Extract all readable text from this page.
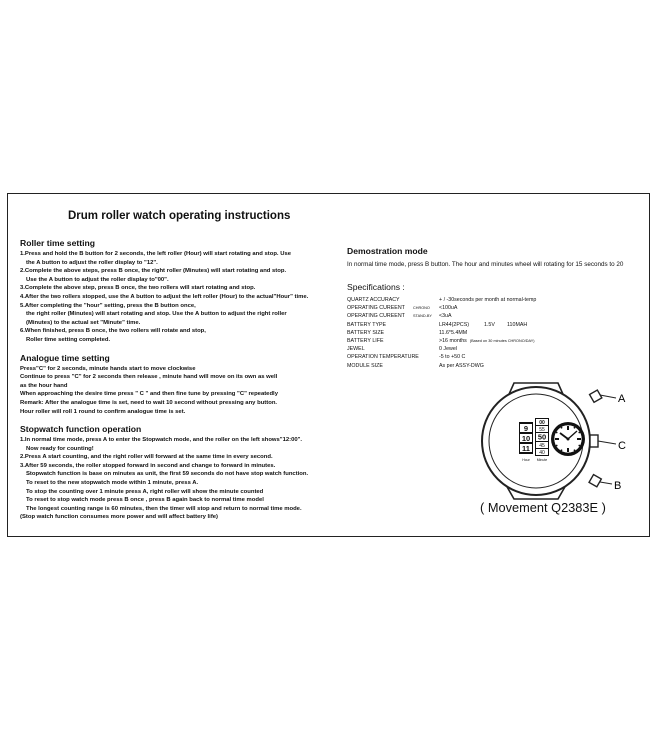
Drum roller watch operating instructions
Roller time setting

1.Press and hold the B button for 2 seconds, the left roller (Hour) will start rotating and stop. Use

the A button to adjust the roller display to "12".

2.Complete the above steps, press B once, the right roller (Minutes) will start rotating and stop.

Use the A button to adjust the roller display to"00".

3.Complete the above step, press B once, the two rollers will start rotating and stop.

4.After the two rollers stopped, use the A button to adjust the left roller (Hour) to the actual"Hour" time.

5.After completing the "hour" setting, press the B button once,

the right roller (Minutes) will start rotating and stop. Use the A button to adjust the right roller

(Minutes) to the actual set "Minute" time.

6.When finished, press B once, the two rollers will rotate and stop,

Roller time setting completed.

Analogue time setting

Press"C" for 2 seconds, minute hands start to move clockwise

Continue to press "C" for 2 seconds then release , minute hand will move on its own as well

as the hour hand

When approaching the desire time press " C " and then fine tune by pressing "C" repeatedly

Remark: After the analogue time is set, need to wait 10 second without pressing any button.

Hour roller will roll 1 round to confirm analogue time is set.

Stopwatch function operation

1.In normal time mode, press A to enter the Stopwatch mode, and the roller on the left shows"12:00".

Now ready for counting!

2.Press A start counting, and the right roller will forward at the same time in every second.

3.After 59 seconds, the roller stopped forward in second and change to forward in minutes.

Stopwatch function is base on minutes as unit, the first 59 seconds do not have stop watch function.

To reset to the new stopwatch mode within 1 minute, press A.

To stop the counting over 1 minute press A, right roller will show the minute counted

To reset to stop watch mode press B once , press B again back to normal time model

The longest counting range is 60 minutes, then the timer will stop and return to normal time mode.

(Stop watch function consumes more power and will affect battery life)

Demostration mode
In normal time mode, press B button. The hour and minutes wheel will rotating for 15 seconds to 20
Specifications :
QUARTZ ACCURACY	+ / -30seconds per month at normal-temp
OPERATING CUREENT CHRONO <100uA
OPERATING CUREENT STAND-BY <3uA
BATTERY TYPE	LR44(2PCS)	1.5V 110MAH
BATTERY SIZE	11.6*5.4MM
BATTERY LIFE	>16 months (Based on 30 minutes CHRONO/DAY)
JEWEL	0 Jewel
OPERATION TEMPERATURE	-5 to +50 C
MODULE SIZE	As per ASSY-DWG
A
C
B
9
10
11
Hour
00
55
50
45
40
Minute
( Movement Q2383E )
